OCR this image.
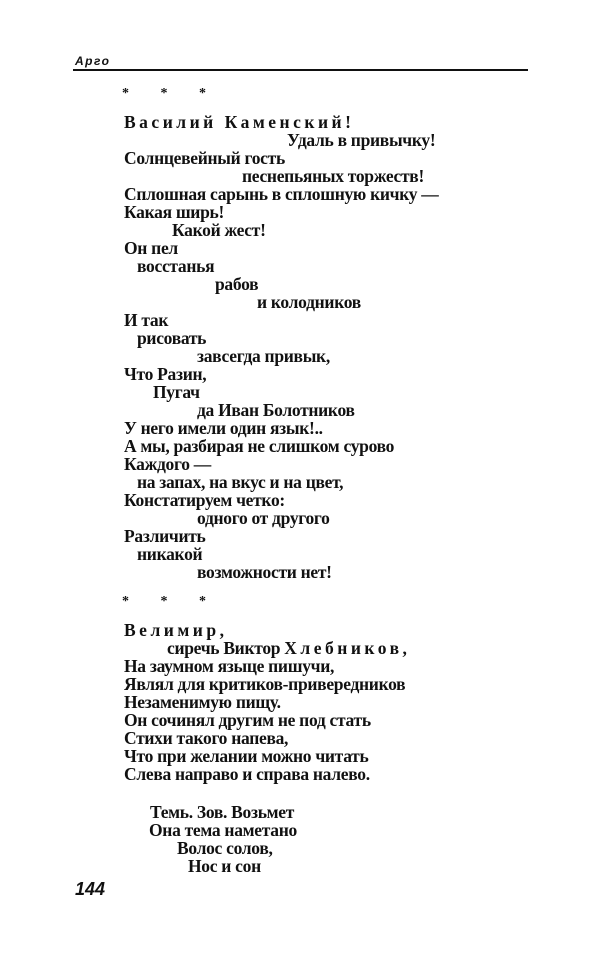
Арго
* * *
Василий Каменский!
Удаль в привычку!
Солнцевейный гость
песнепьяных торжеств!
Сплошная сарынь в сплошную кичку —
Какая ширь!
Какой жест!
Он пел
восстанья
рабов
и колодников
И так
рисовать
завсегда привык,
Что Разин,
Пугач
да Иван Болотников
У него имели один язык!..
А мы, разбирая не слишком сурово
Каждого —
на запах, на вкус и на цвет,
Констатируем четко:
одного от другого
Различить
никакой
возможности нет!
* * *
Велимир,
сиречь Виктор Хлебников,
На заумном языце пишучи,
Являл для критиков-привередников
Незаменимую пищу.
Он сочинял другим не под стать
Стихи такого напева,
Что при желании можно читать
Слева направо и справа налево.
Темь. Зов. Возьмет
Она тема наметано
Волос солов,
Нос и сон
144
